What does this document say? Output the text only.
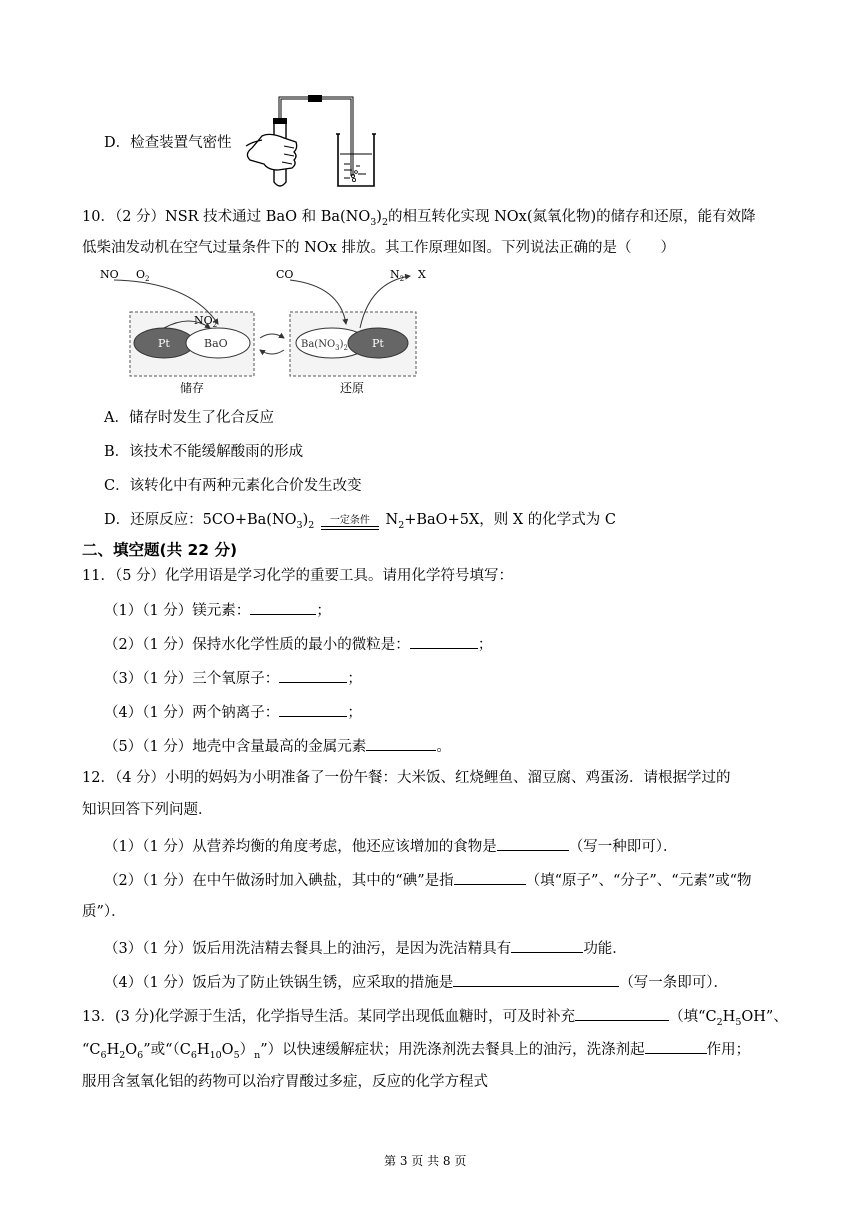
D．检查装置气密性
10．（2 分）NSR 技术通过 BaO 和 $Ba(NO_3)_2$的相互转化实现 NOx(氮氧化物)的储存和还原，能有效降
低柴油发动机在空气过量条件下的 NOx 排放。其工作原理如图。下列说法正确的是（　　）
Pt	BaO	$Ba(NO_3)_2$ Pt
NO $O_2$
$NO_2$
CO	$N_2$ X
储存	还原
A．储存时发生了化合反应
B．该技术不能缓解酸雨的形成
C．该转化中有两种元素化合价发生改变
D．还原反应：$5CO+Ba(NO_3)_2$	一定条件	$N_2+BaO+5X$，则 X 的化学式为 C
二、填空题(共 22 分)
11．（5 分）化学用语是学习化学的重要工具。请用化学符号填写：
（1）（1 分）镁元素：	；
（2）（1 分）保持水化学性质的最小的微粒是：	；
（3）（1 分）三个氧原子：	；
（4）（1 分）两个钠离子：	；
（5）（1 分）地壳中含量最高的金属元素	。
12．（4 分）小明的妈妈为小明准备了一份午餐：大米饭、红烧鲤鱼、溜豆腐、鸡蛋汤．请根据学过的
知识回答下列问题．
（1）（1 分）从营养均衡的角度考虑，他还应该增加的食物是	（写一种即可）．
（2）（1 分）在中午做汤时加入碘盐，其中的“碘”是指	（填“原子”、“分子”、“元素”或“物
质”）．
（3）（1 分）饭后用洗洁精去餐具上的油污，是因为洗洁精具有	功能．
（4）（1 分）饭后为了防止铁锅生锈，应采取的措施是	（写一条即可）．
13．(3 分)化学源于生活，化学指导生活。某同学出现低血糖时，可及时补充	（填“$C_2H_5OH$”、
“$C_6H_2O_6$”或“$(C_6H_{10}O_5)_n$”）以快速缓解症状；用洗涤剂洗去餐具上的油污，洗涤剂起	作用；
服用含氢氧化铝的药物可以治疗胃酸过多症，反应的化学方程式
第 3 页 共 8 页
